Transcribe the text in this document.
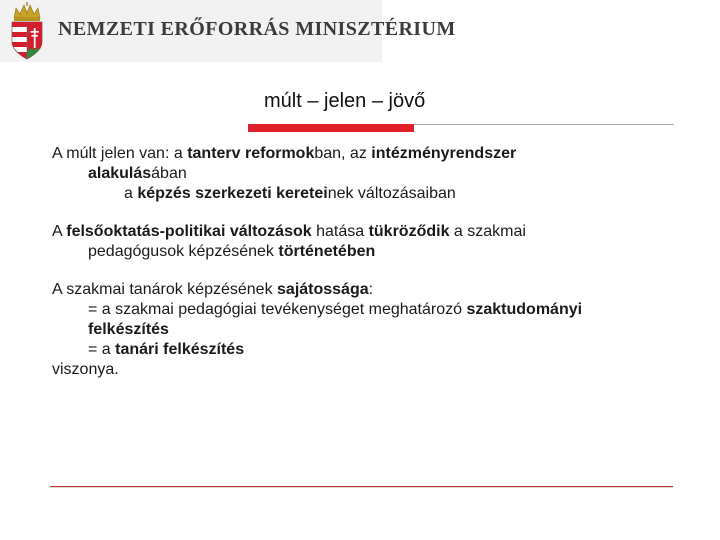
NEMZETI ERŐFORRÁS MINISZTÉRIUM
múlt – jelen – jövő

A múlt jelen van: a tanterv reformokban, az intézményrendszer

alakulásában

a képzés szerkezeti kereteinek változásaiban

A felsőoktatás-politikai változások hatása tükröződik a szakmai

pedagógusok képzésének történetében

A szakmai tanárok képzésének sajátossága:

= a szakmai pedagógiai tevékenységet meghatározó szaktudományi

felkészítés

= a tanári felkészítés

viszonya.
